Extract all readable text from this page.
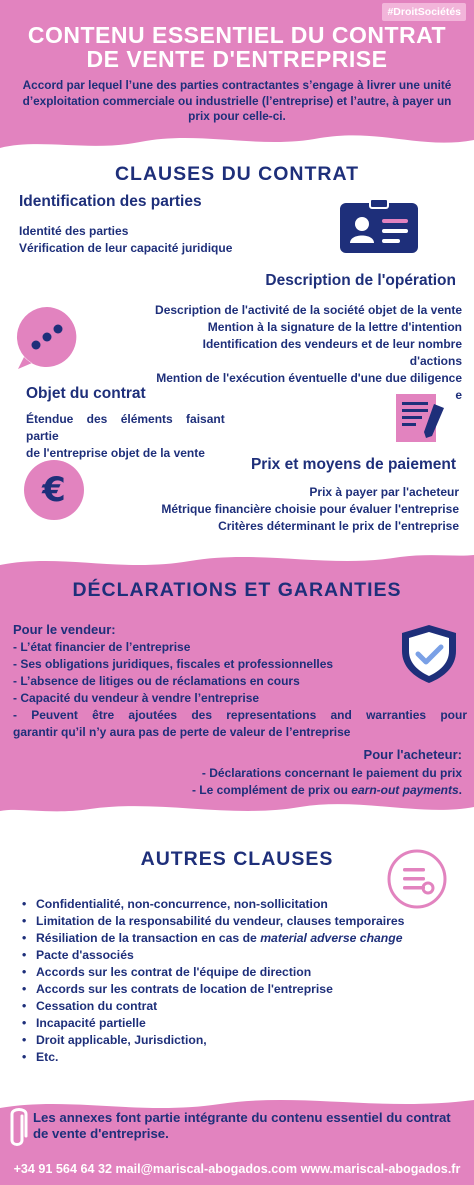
#DroitSociétés
CONTENU ESSENTIEL DU CONTRAT
DE VENTE D'ENTREPRISE
Accord par lequel l’une des parties contractantes s’engage à livrer une unité d’exploitation commerciale ou industrielle (l’entreprise) et l’autre, à payer un prix pour celle-ci.
CLAUSES DU CONTRAT
Identification des parties
Identité des parties
Vérification de leur capacité juridique
Description de l'opération
Description de l'activité de la société objet de la vente
Mention à la signature de la lettre d'intention
Identification des vendeurs et de leur nombre
d'actions
Mention de l'exécution éventuelle d'une due diligence
e
Objet du contrat
Étendue    des    éléments    faisant
partie
de l'entreprise objet de la vente
Prix et moyens de paiement
Prix à payer par l'acheteur
Métrique financière choisie pour évaluer l'entreprise
Critères déterminant le prix de l'entreprise
€
DÉCLARATIONS ET GARANTIES
Pour le vendeur:
- L’état financier de l’entreprise
- Ses obligations juridiques, fiscales et professionnelles
- L’absence de litiges ou de réclamations en cours
- Capacité du vendeur à vendre l’entreprise
- Peuvent être ajoutées des representations and warranties pour
garantir qu’il n’y aura pas de perte de valeur de l’entreprise
Pour l'acheteur:
- Déclarations concernant le paiement du prix
- Le complément de prix ou earn-out payments.
AUTRES CLAUSES
• Confidentialité, non-concurrence, non-sollicitation
• Limitation de la responsabilité du vendeur, clauses temporaires
• Résiliation de la transaction en cas de material adverse change
• Pacte d'associés
• Accords sur les contrat de l'équipe de direction
• Accords sur les contrats de location de l'entreprise
• Cessation du contrat
• Incapacité partielle
• Droit applicable, Jurisdiction,
• Etc.
Les annexes font partie intégrante du contenu essentiel du contrat de vente d'entreprise.
+34 91 564 64 32 mail@mariscal-abogados.com www.mariscal-abogados.fr
